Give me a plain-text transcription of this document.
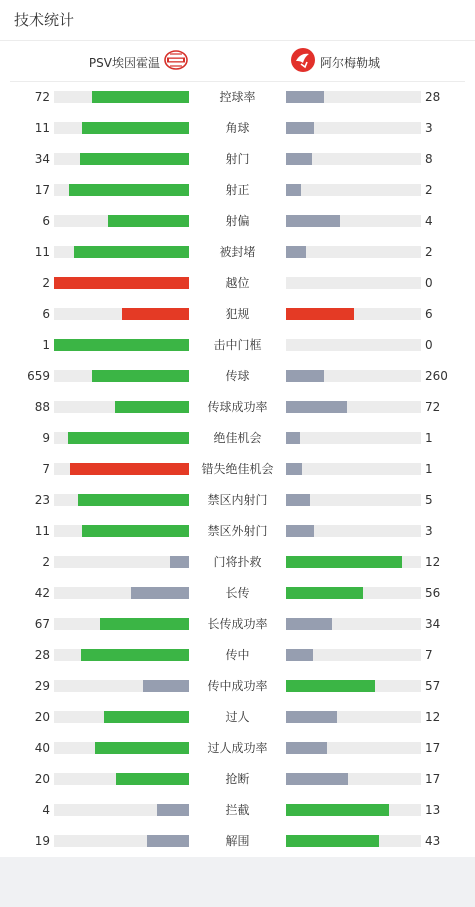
技术统计
PSV埃因霍温	阿尔梅勒城
72	控球率	28
11	角球	3
34	射门	8
17	射正	2
6	射偏	4
11	被封堵	2
2	越位	0
6	犯规	6
1	击中门框	0
659	传球	260
88	传球成功率	72
9	绝佳机会	1
7	错失绝佳机会	1
23	禁区内射门	5
11	禁区外射门	3
2	门将扑救	12
42	长传	56
67	长传成功率	34
28	传中	7
29	传中成功率	57
20	过人	12
40	过人成功率	17
20	抢断	17
4	拦截	13
19	解围	43
